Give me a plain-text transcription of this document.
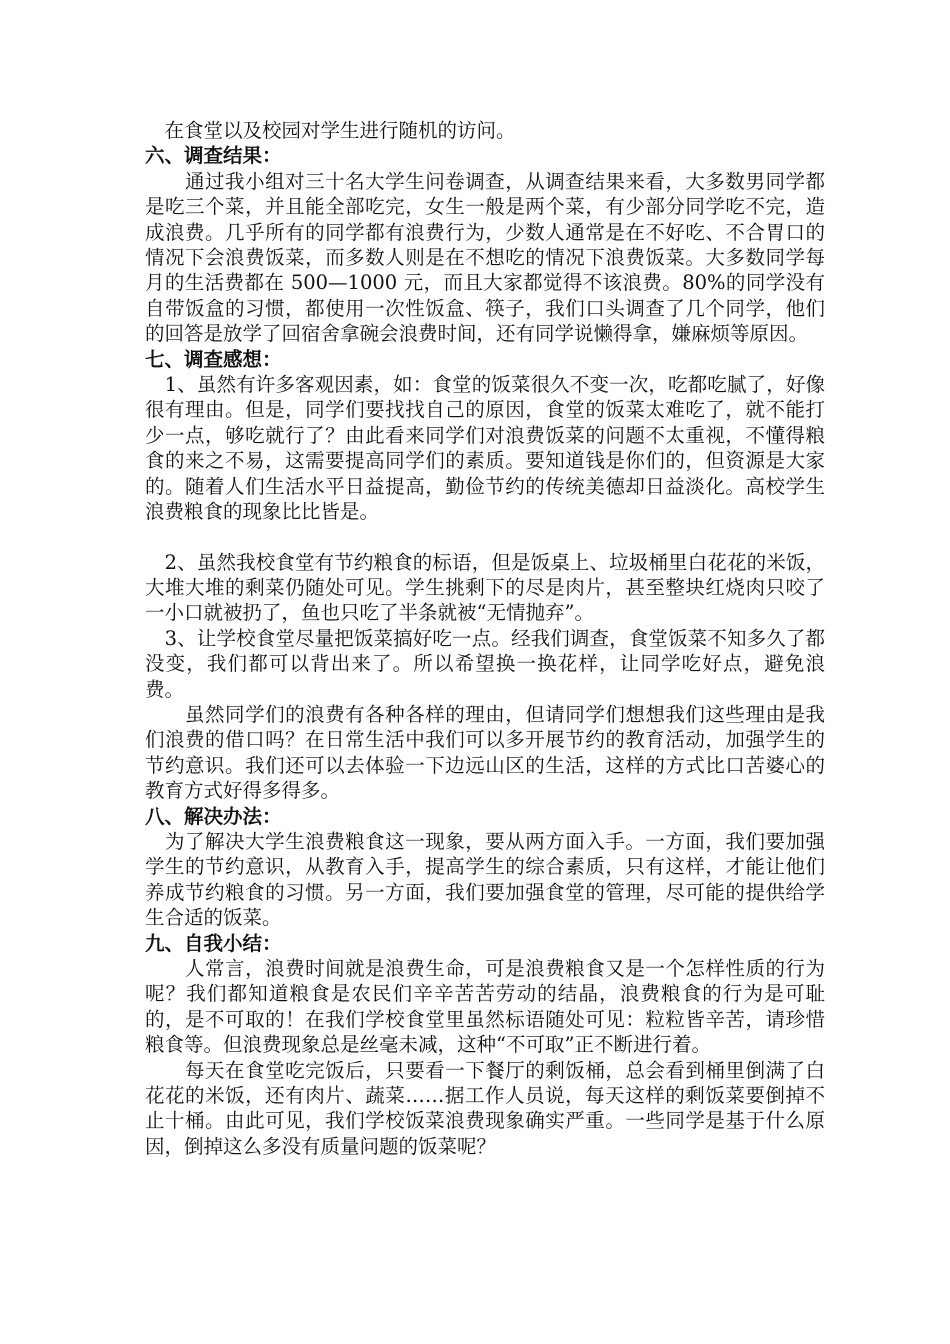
　在食堂以及校园对学生进行随机的访问。

六、调查结果：

　　通过我小组对三十名大学生问卷调查，从调查结果来看，大多数男同学都是吃三个菜，并且能全部吃完，女生一般是两个菜，有少部分同学吃不完，造成浪费。几乎所有的同学都有浪费行为，少数人通常是在不好吃、不合胃口的情况下会浪费饭菜，而多数人则是在不想吃的情况下浪费饭菜。大多数同学每月的生活费都在 500—1000 元，而且大家都觉得不该浪费。80%的同学没有自带饭盒的习惯，都使用一次性饭盒、筷子，我们口头调查了几个同学，他们的回答是放学了回宿舍拿碗会浪费时间，还有同学说懒得拿，嫌麻烦等原因。

七、调查感想：

　1、虽然有许多客观因素，如：食堂的饭菜很久不变一次，吃都吃腻了，好像很有理由。但是，同学们要找找自己的原因，食堂的饭菜太难吃了，就不能打少一点，够吃就行了？由此看来同学们对浪费饭菜的问题不太重视，不懂得粮食的来之不易，这需要提高同学们的素质。要知道钱是你们的，但资源是大家的。随着人们生活水平日益提高，勤俭节约的传统美德却日益淡化。高校学生浪费粮食的现象比比皆是。

　2、虽然我校食堂有节约粮食的标语，但是饭桌上、垃圾桶里白花花的米饭，大堆大堆的剩菜仍随处可见。学生挑剩下的尽是肉片，甚至整块红烧肉只咬了一小口就被扔了，鱼也只吃了半条就被“无情抛弃”。

　3、让学校食堂尽量把饭菜搞好吃一点。经我们调查，食堂饭菜不知多久了都没变，我们都可以背出来了。所以希望换一换花样，让同学吃好点，避免浪费。

　　虽然同学们的浪费有各种各样的理由，但请同学们想想我们这些理由是我们浪费的借口吗？在日常生活中我们可以多开展节约的教育活动，加强学生的节约意识。我们还可以去体验一下边远山区的生活，这样的方式比口苦婆心的教育方式好得多得多。

八、解决办法：

　为了解决大学生浪费粮食这一现象，要从两方面入手。一方面，我们要加强学生的节约意识，从教育入手，提高学生的综合素质，只有这样，才能让他们养成节约粮食的习惯。另一方面，我们要加强食堂的管理，尽可能的提供给学生合适的饭菜。

九、自我小结：

　　人常言，浪费时间就是浪费生命，可是浪费粮食又是一个怎样性质的行为呢？我们都知道粮食是农民们辛辛苦苦劳动的结晶，浪费粮食的行为是可耻的，是不可取的！在我们学校食堂里虽然标语随处可见：粒粒皆辛苦，请珍惜粮食等。但浪费现象总是丝毫未减，这种“不可取”正不断进行着。

　　每天在食堂吃完饭后，只要看一下餐厅的剩饭桶，总会看到桶里倒满了白花花的米饭，还有肉片、蔬菜……据工作人员说，每天这样的剩饭菜要倒掉不止十桶。由此可见，我们学校饭菜浪费现象确实严重。一些同学是基于什么原因，倒掉这么多没有质量问题的饭菜呢？
